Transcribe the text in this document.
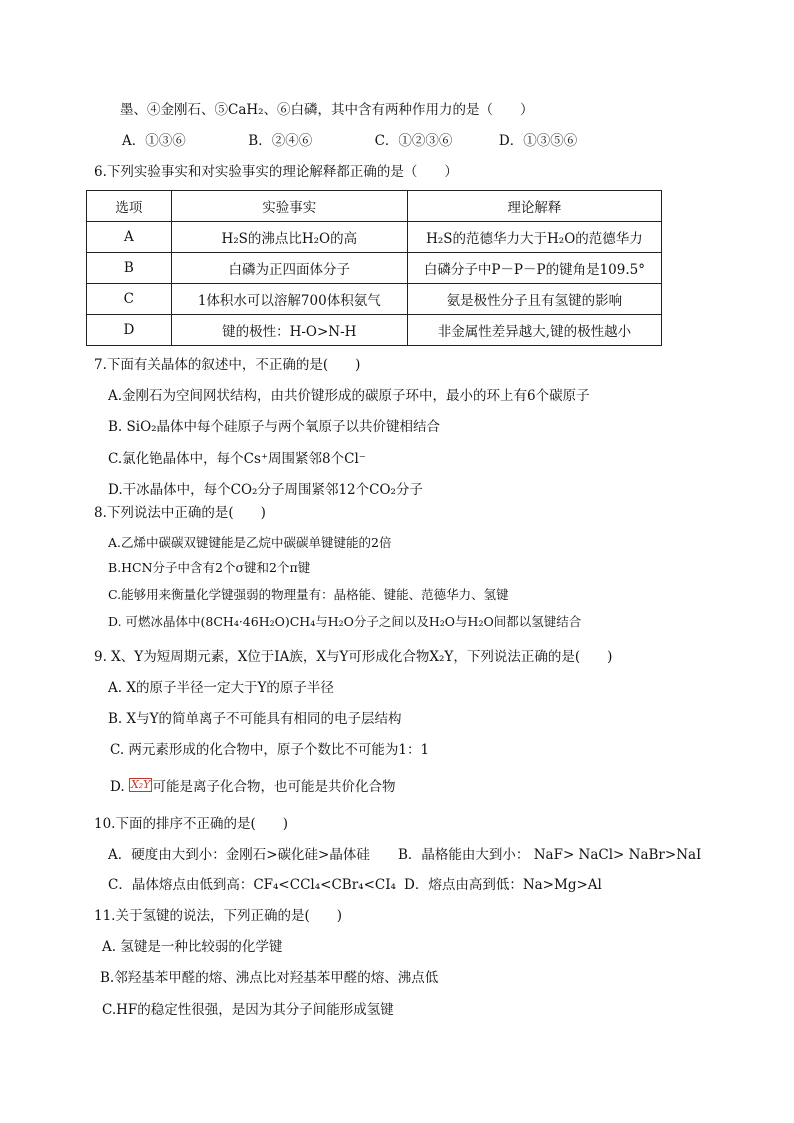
墨、④金刚石、⑤CaH₂、⑥白磷，其中含有两种作用力的是（　　）
A．①③⑥	B．②④⑥	C．①②③⑥	D．①③⑤⑥
6.下列实验事实和对实验事实的理论解释都正确的是（　　）
选项	实验事实	理论解释
A	H₂S的沸点比H₂O的高	H₂S的范德华力大于H₂O的范德华力
B	白磷为正四面体分子	白磷分子中P－P－P的键角是109.5°
C	1体积水可以溶解700体积氨气	氨是极性分子且有氢键的影响
D	键的极性：H-O>N-H	非金属性差异越大,键的极性越小
7.下面有关晶体的叙述中，不正确的是(　　)
A.金刚石为空间网状结构，由共价键形成的碳原子环中，最小的环上有6个碳原子
B. SiO₂晶体中每个硅原子与两个氧原子以共价键相结合
C.氯化铯晶体中，每个Cs⁺周围紧邻8个Cl⁻
D.干冰晶体中，每个CO₂分子周围紧邻12个CO₂分子
8.下列说法中正确的是(　　)
A.乙烯中碳碳双键键能是乙烷中碳碳单键键能的2倍
B.HCN分子中含有2个σ键和2个π键
C.能够用来衡量化学键强弱的物理量有：晶格能、键能、范德华力、氢键
D. 可燃冰晶体中(8CH₄·46H₂O)CH₄与H₂O分子之间以及H₂O与H₂O间都以氢键结合
9. X、Y为短周期元素，X位于ⅠA族，X与Y可形成化合物X₂Y，下列说法正确的是(　　)
A. X的原子半径一定大于Y的原子半径
B. X与Y的简单离子不可能具有相同的电子层结构
C. 两元素形成的化合物中，原子个数比不可能为1：1
D. X₂Y 可能是离子化合物，也可能是共价化合物
10.下面的排序不正确的是(　　)
A．硬度由大到小：金刚石>碳化硅>晶体硅 B．晶格能由大到小： NaF> NaCl> NaBr>NaI
C．晶体熔点由低到高：CF₄<CCl₄<CBr₄<CI₄ D．熔点由高到低：Na>Mg>Al
11.关于氢键的说法，下列正确的是(　　)
A. 氢键是一种比较弱的化学键
B.邻羟基苯甲醛的熔、沸点比对羟基苯甲醛的熔、沸点低
C.HF的稳定性很强，是因为其分子间能形成氢键
